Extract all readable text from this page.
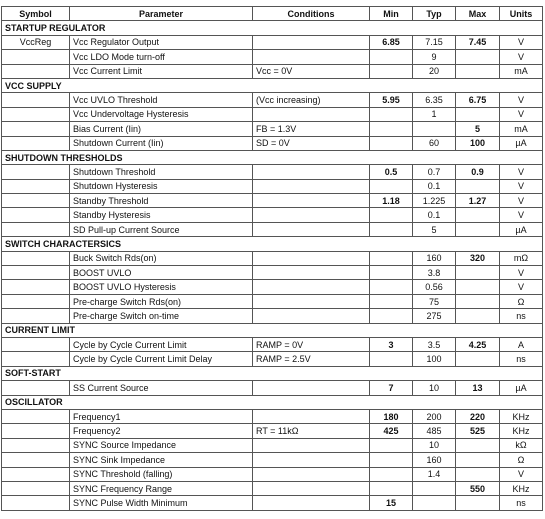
Symbol	Parameter	Conditions	Min	Typ	Max	Units
STARTUP REGULATOR						
VccReg	Vcc Regulator Output		6.85	7.15	7.45	V
	Vcc LDO Mode turn-off			9		V
	Vcc Current Limit	Vcc = 0V		20		mA
VCC SUPPLY						
	Vcc UVLO Threshold	(Vcc increasing)	5.95	6.35	6.75	V
	Vcc Undervoltage Hysteresis			1		V
	Bias Current (Iin)	FB = 1.3V			5	mA
	Shutdown Current (Iin)	SD = 0V		60	100	µA
SHUTDOWN THRESHOLDS						
	Shutdown Threshold		0.5	0.7	0.9	V
	Shutdown Hysteresis			0.1		V
	Standby Threshold		1.18	1.225	1.27	V
	Standby Hysteresis			0.1		V
	SD Pull-up Current Source			5		µA
SWITCH CHARACTERSICS						
	Buck Switch Rds(on)			160	320	mΩ
	BOOST UVLO			3.8		V
	BOOST UVLO Hysteresis			0.56		V
	Pre-charge Switch Rds(on)			75		Ω
	Pre-charge Switch on-time			275		ns
CURRENT LIMIT						
	Cycle by Cycle Current Limit	RAMP = 0V	3	3.5	4.25	A
	Cycle by Cycle Current Limit Delay	RAMP = 2.5V		100		ns
SOFT-START						
	SS Current Source		7	10	13	µA
OSCILLATOR						
	Frequency1		180	200	220	KHz
	Frequency2	RT = 11kΩ	425	485	525	KHz
	SYNC Source Impedance			10		kΩ
	SYNC Sink Impedance			160		Ω
	SYNC Threshold (falling)			1.4		V
	SYNC Frequency Range				550	KHz
	SYNC Pulse Width Minimum		15			ns
